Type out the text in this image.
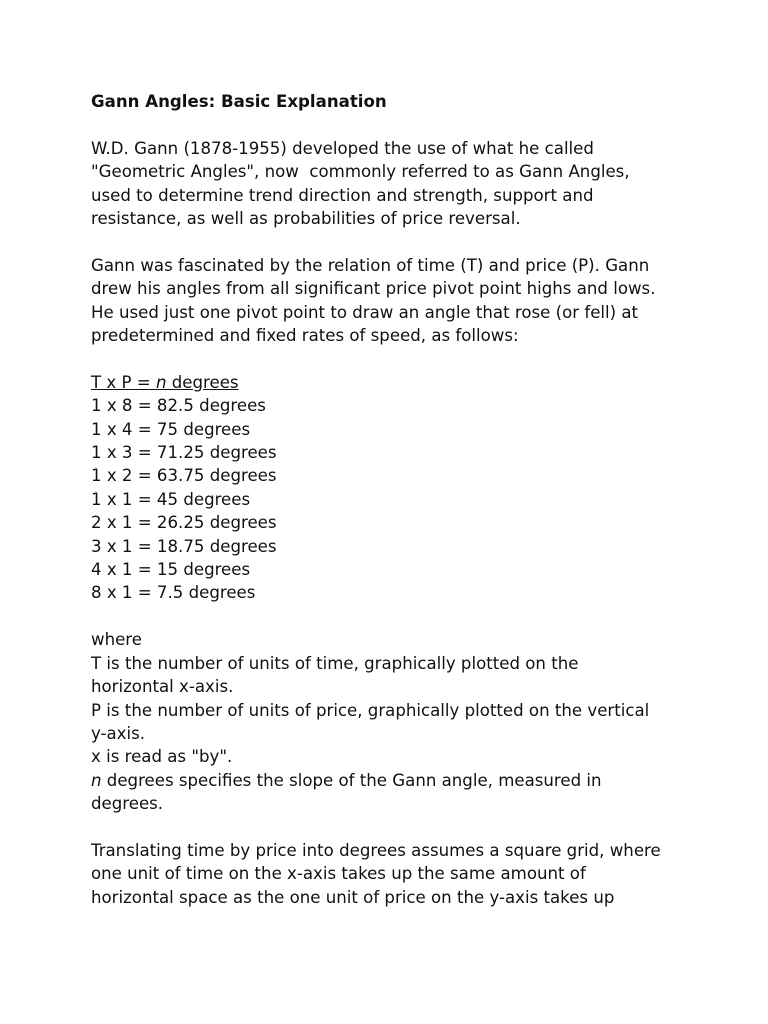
Gann Angles: Basic Explanation
W.D. Gann (1878-1955) developed the use of what he called
"Geometric Angles", now  commonly referred to as Gann Angles,
used to determine trend direction and strength, support and
resistance, as well as probabilities of price reversal.
Gann was fascinated by the relation of time (T) and price (P). Gann
drew his angles from all significant price pivot point highs and lows.
He used just one pivot point to draw an angle that rose (or fell) at
predetermined and fixed rates of speed, as follows:
T x P = n degrees
1 x 8 = 82.5 degrees
1 x 4 = 75 degrees
1 x 3 = 71.25 degrees
1 x 2 = 63.75 degrees
1 x 1 = 45 degrees
2 x 1 = 26.25 degrees
3 x 1 = 18.75 degrees
4 x 1 = 15 degrees
8 x 1 = 7.5 degrees
where
T is the number of units of time, graphically plotted on the
horizontal x-axis.
P is the number of units of price, graphically plotted on the vertical
y-axis.
x is read as "by".
n degrees specifies the slope of the Gann angle, measured in
degrees.
Translating time by price into degrees assumes a square grid, where
one unit of time on the x-axis takes up the same amount of
horizontal space as the one unit of price on the y-axis takes up
